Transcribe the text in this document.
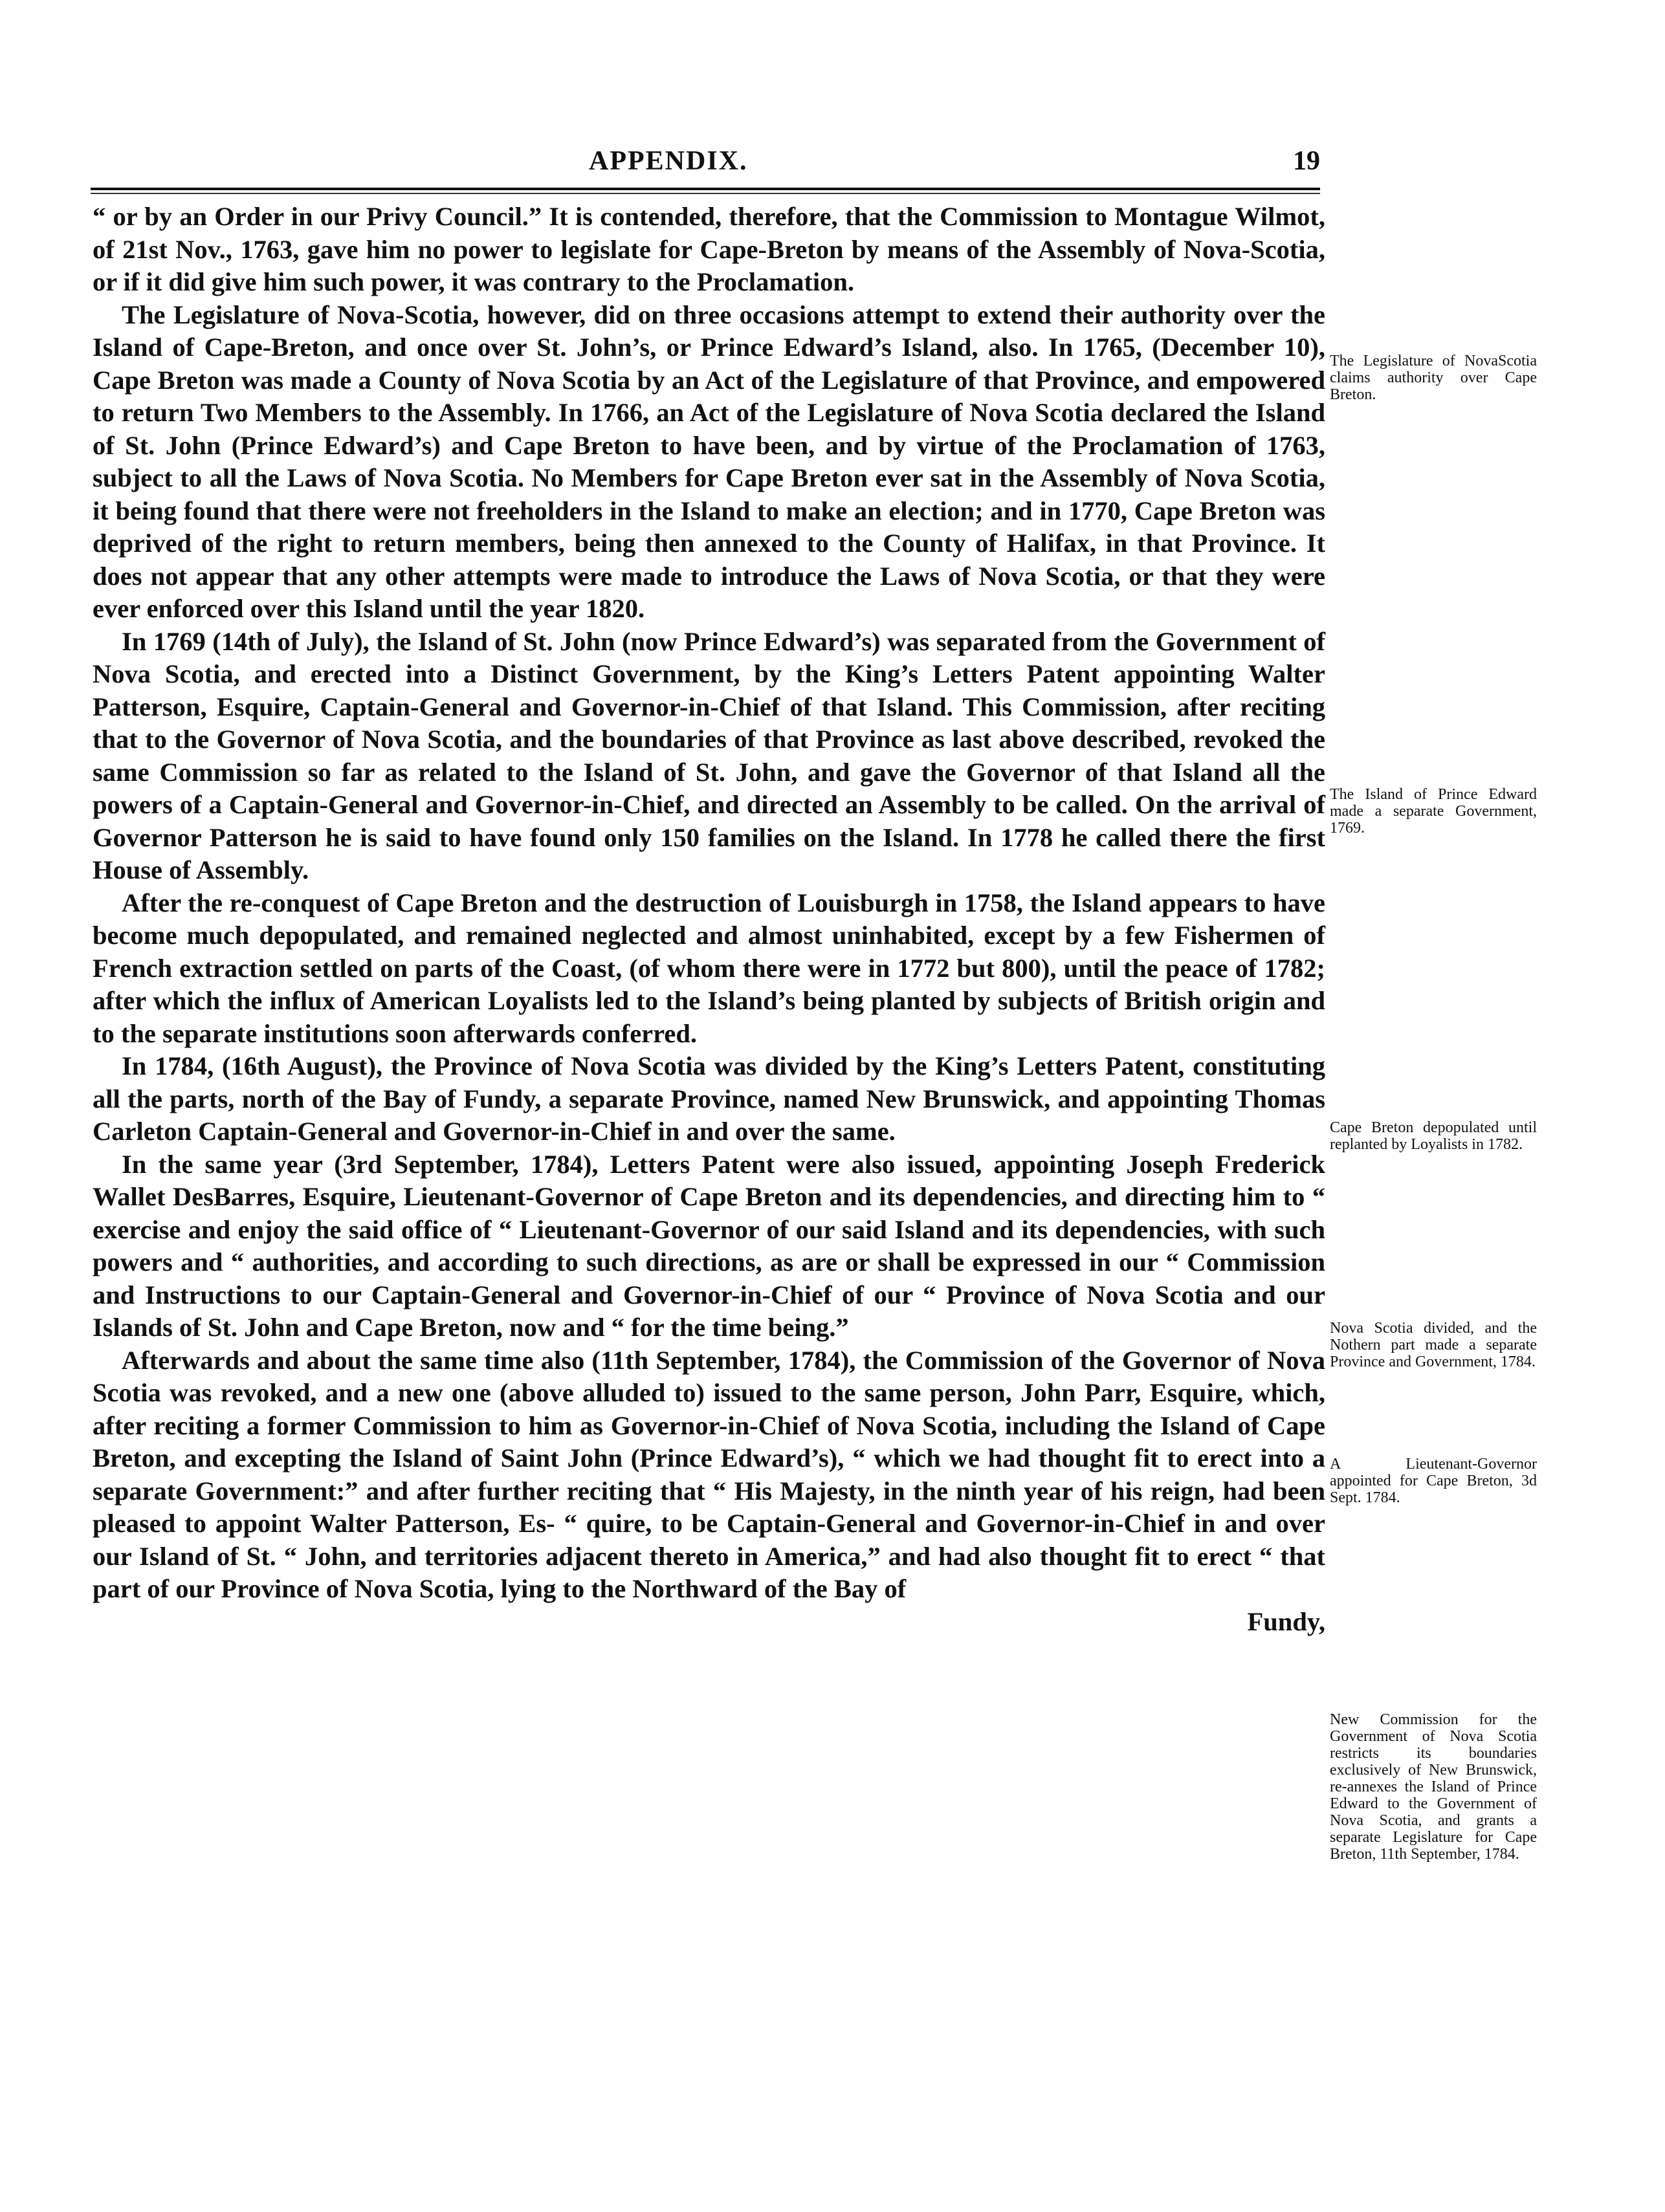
APPENDIX.	19

“ or by an Order in our Privy Council.” It is contended, therefore, that the Commission to Montague Wilmot, of 21st Nov., 1763, gave him no power to legislate for Cape-Breton by means of the Assembly of Nova-Scotia, or if it did give him such power, it was contrary to the Proclamation.

The Legislature of Nova-Scotia, however, did on three occasions attempt to extend their authority over the Island of Cape-Breton, and once over St. John’s, or Prince Edward’s Island, also. In 1765, (December 10), Cape Breton was made a County of Nova Scotia by an Act of the Legislature of that Province, and empowered to return Two Members to the Assembly. In 1766, an Act of the Legislature of Nova Scotia declared the Island of St. John (Prince Edward’s) and Cape Breton to have been, and by virtue of the Proclamation of 1763, subject to all the Laws of Nova Scotia. No Members for Cape Breton ever sat in the Assembly of Nova Scotia, it being found that there were not freeholders in the Island to make an election; and in 1770, Cape Breton was deprived of the right to return members, being then annexed to the County of Halifax, in that Province. It does not appear that any other attempts were made to introduce the Laws of Nova Scotia, or that they were ever enforced over this Island until the year 1820.

In 1769 (14th of July), the Island of St. John (now Prince Edward’s) was separated from the Government of Nova Scotia, and erected into a Distinct Government, by the King’s Letters Patent appointing Walter Patterson, Esquire, Captain-General and Governor-in-Chief of that Island. This Commission, after reciting that to the Governor of Nova Scotia, and the boundaries of that Province as last above described, revoked the same Commission so far as related to the Island of St. John, and gave the Governor of that Island all the powers of a Captain-General and Governor-in-Chief, and directed an Assembly to be called. On the arrival of Governor Patterson he is said to have found only 150 families on the Island. In 1778 he called there the first House of Assembly.

After the re-conquest of Cape Breton and the destruction of Louisburgh in 1758, the Island appears to have become much depopulated, and remained neglected and almost uninhabited, except by a few Fishermen of French extraction settled on parts of the Coast, (of whom there were in 1772 but 800), until the peace of 1782; after which the influx of American Loyalists led to the Island’s being planted by subjects of British origin and to the separate institutions soon afterwards conferred.

In 1784, (16th August), the Province of Nova Scotia was divided by the King’s Letters Patent, constituting all the parts, north of the Bay of Fundy, a separate Province, named New Brunswick, and appointing Thomas Carleton Captain-General and Governor-in-Chief in and over the same.

In the same year (3rd September, 1784), Letters Patent were also issued, appointing Joseph Frederick Wallet DesBarres, Esquire, Lieutenant-Governor of Cape Breton and its dependencies, and directing him to “ exercise and enjoy the said office of “ Lieutenant-Governor of our said Island and its dependencies, with such powers and “ authorities, and according to such directions, as are or shall be expressed in our “ Commission and Instructions to our Captain-General and Governor-in-Chief of our “ Province of Nova Scotia and our Islands of St. John and Cape Breton, now and “ for the time being.”

Afterwards and about the same time also (11th September, 1784), the Commission of the Governor of Nova Scotia was revoked, and a new one (above alluded to) issued to the same person, John Parr, Esquire, which, after reciting a former Commission to him as Governor-in-Chief of Nova Scotia, including the Island of Cape Breton, and excepting the Island of Saint John (Prince Edward’s), “ which we had thought fit to erect into a separate Government:” and after further reciting that “ His Majesty, in the ninth year of his reign, had been pleased to appoint Walter Patterson, Es- “ quire, to be Captain-General and Governor-in-Chief in and over our Island of St. “ John, and territories adjacent thereto in America,” and had also thought fit to erect “ that part of our Province of Nova Scotia, lying to the Northward of the Bay of

Fundy,

The Legislature of NovaScotia claims authority over Cape Breton.
The Island of Prince Edward made a separate Government, 1769.
Cape Breton depopulated until replanted by Loyalists in 1782.
Nova Scotia divided, and the Nothern part made a separate Province and Government, 1784.
A Lieutenant-Governor appointed for Cape Breton, 3d Sept. 1784.
New Commission for the Government of Nova Scotia restricts its boundaries exclusively of New Brunswick, re-annexes the Island of Prince Edward to the Government of Nova Scotia, and grants a separate Legislature for Cape Breton, 11th September, 1784.
